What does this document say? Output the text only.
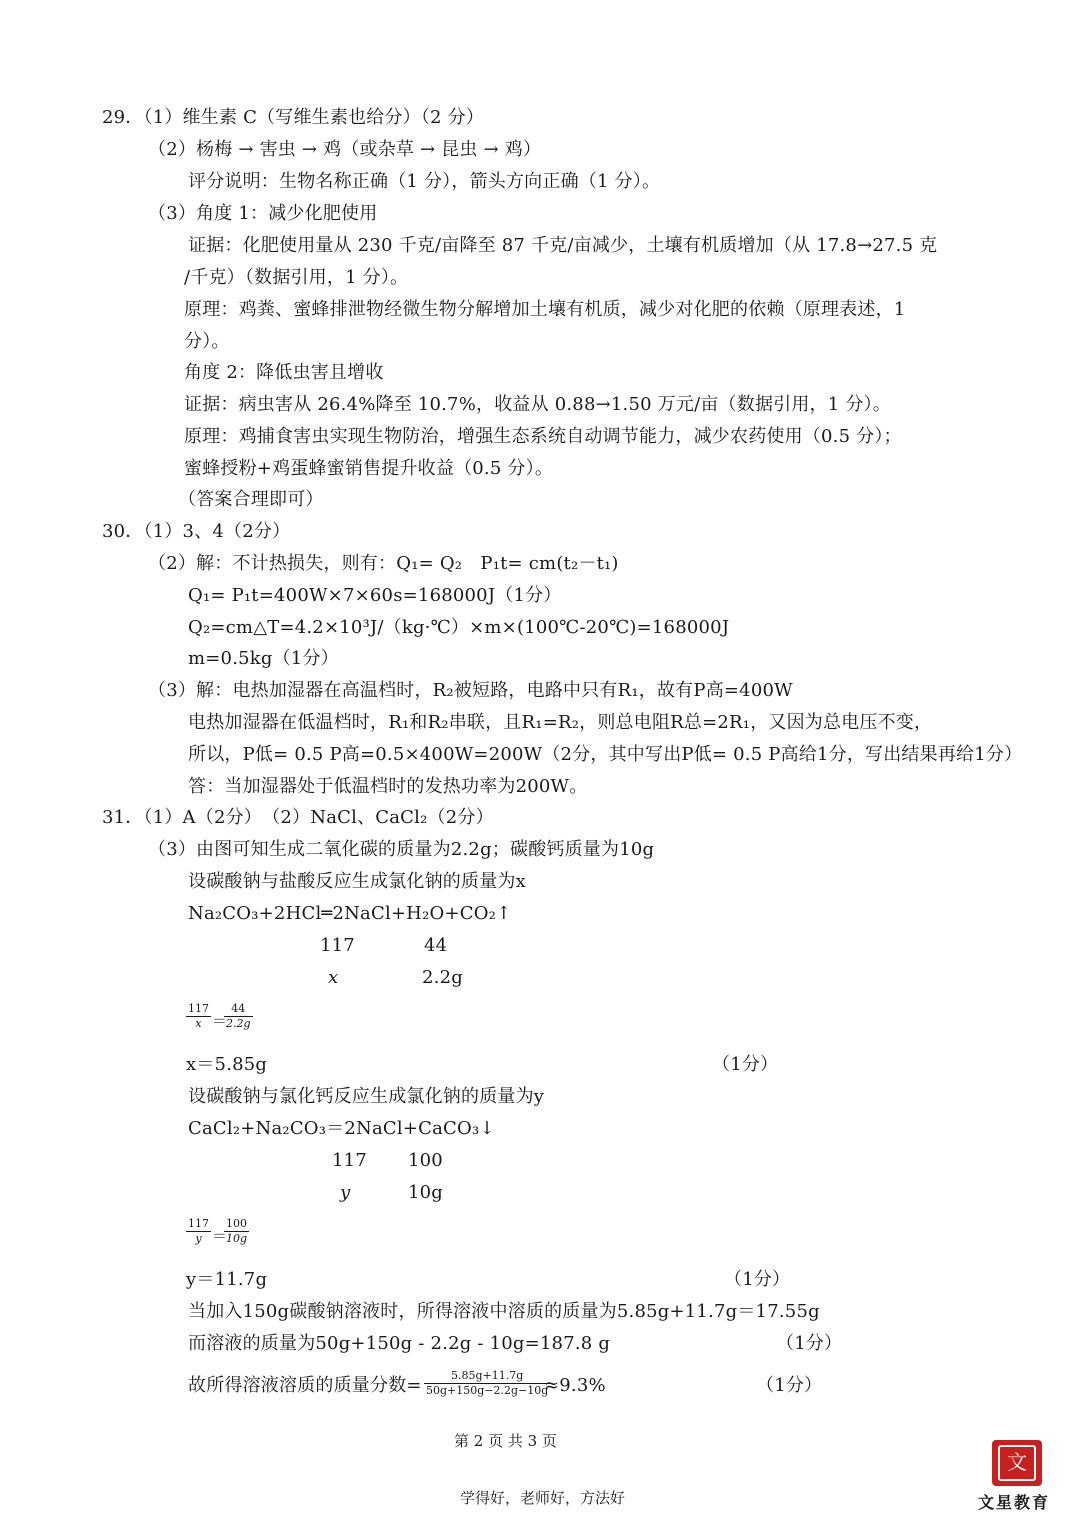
29．（1）维生素 C（写维生素也给分）（2 分）
（2）杨梅 → 害虫 → 鸡（或杂草 → 昆虫 → 鸡）
评分说明：生物名称正确（1 分），箭头方向正确（1 分）。
（3）角度 1：减少化肥使用
证据：化肥使用量从 230 千克/亩降至 87 千克/亩减少，土壤有机质增加（从 17.8→27.5 克
/千克）（数据引用，1 分）。
原理：鸡粪、蜜蜂排泄物经微生物分解增加土壤有机质，减少对化肥的依赖（原理表述，1
分）。
角度 2：降低虫害且增收
证据：病虫害从 26.4%降至 10.7%，收益从 0.88→1.50 万元/亩（数据引用，1 分）。
原理：鸡捕食害虫实现生物防治，增强生态系统自动调节能力，减少农药使用（0.5 分）；
蜜蜂授粉+鸡蛋蜂蜜销售提升收益（0.5 分）。
（答案合理即可）
30．（1）3、4（2分）
（2）解：不计热损失，则有：Q₁= Q₂　P₁t= cm(t₂－t₁)
Q₁= P₁t=400W×7×60s=168000J（1分）
Q₂=cm△T=4.2×10³J/（kg·℃）×m×(100℃-20℃)=168000J
m=0.5kg（1分）
（3）解：电热加湿器在高温档时，R₂被短路，电路中只有R₁，故有P高=400W
电热加湿器在低温档时，R₁和R₂串联，且R₁=R₂，则总电阻R总=2R₁，又因为总电压不变，
所以，P低= 0.5 P高=0.5×400W=200W（2分，其中写出P低= 0.5 P高给1分，写出结果再给1分）
答：当加湿器处于低温档时的发热功率为200W。
31．（1）A（2分）　（2）NaCl、CaCl₂（2分）
（3）由图可知生成二氧化碳的质量为2.2g；碳酸钙质量为10g
设碳酸钠与盐酸反应生成氯化钠的质量为x
Na₂CO₃+2HCl═2NaCl+H₂O+CO₂↑
117	44
x	2.2g
$\frac{117}{x}$ ＝
$\frac{44}{2.2g}$
x＝5.85g	（1分）
设碳酸钠与氯化钙反应生成氯化钠的质量为y
CaCl₂+Na₂CO₃＝2NaCl+CaCO₃↓
117 100
y	10g
$\frac{117}{y}$ ＝
$\frac{100}{10g}$
y＝11.7g	（1分）
当加入150g碳酸钠溶液时，所得溶液中溶质的质量为5.85g+11.7g＝17.55g
而溶液的质量为50g+150g - 2.2g - 10g=187.8 g	（1分）
故所得溶液溶质的质量分数= $\frac{5.85g+11.7g}{50g+150g-2.2g-10g}$
≈9.3%	（1分）
第 2 页 共 3 页
学得好，老师好，方法好
文
文星教育
